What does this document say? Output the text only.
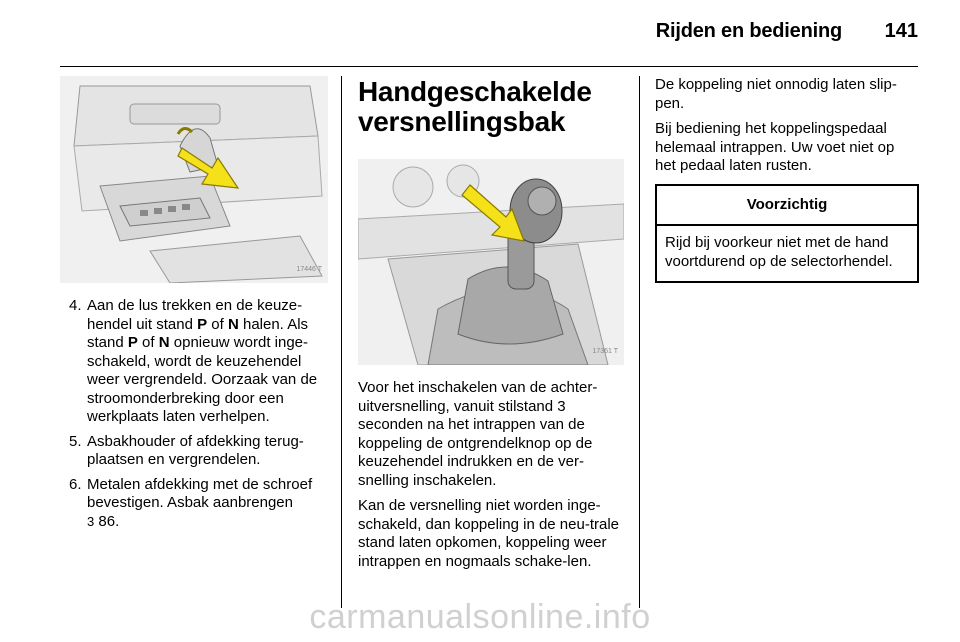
Rijden en bediening 141
17446 T
4. Aan de lus trekken en de keuze-hendel uit stand P of N halen. Als stand P of N opnieuw wordt inge-schakeld, wordt de keuzehendel weer vergrendeld. Oorzaak van de stroomonderbreking door een werkplaats laten verhelpen.
5. Asbakhouder of afdekking terug-plaatsen en vergrendelen.
6. Metalen afdekking met de schroef bevestigen. Asbak aanbrengen
3 86.
Handgeschakelde versnellingsbak
17361 T

Voor het inschakelen van de achter-uitversnelling, vanuit stilstand 3 seconden na het intrappen van de koppeling de ontgrendelknop op de keuzehendel indrukken en de ver-snelling inschakelen.

Kan de versnelling niet worden inge-schakeld, dan koppeling in de neu-trale stand laten opkomen, koppeling weer intrappen en nogmaals schake-len.

De koppeling niet onnodig laten slip-pen.

Bij bediening het koppelingspedaal helemaal intrappen. Uw voet niet op het pedaal laten rusten.

Voorzichtig
Rijd bij voorkeur niet met de hand voortdurend op de selectorhendel.
carmanualsonline.info
